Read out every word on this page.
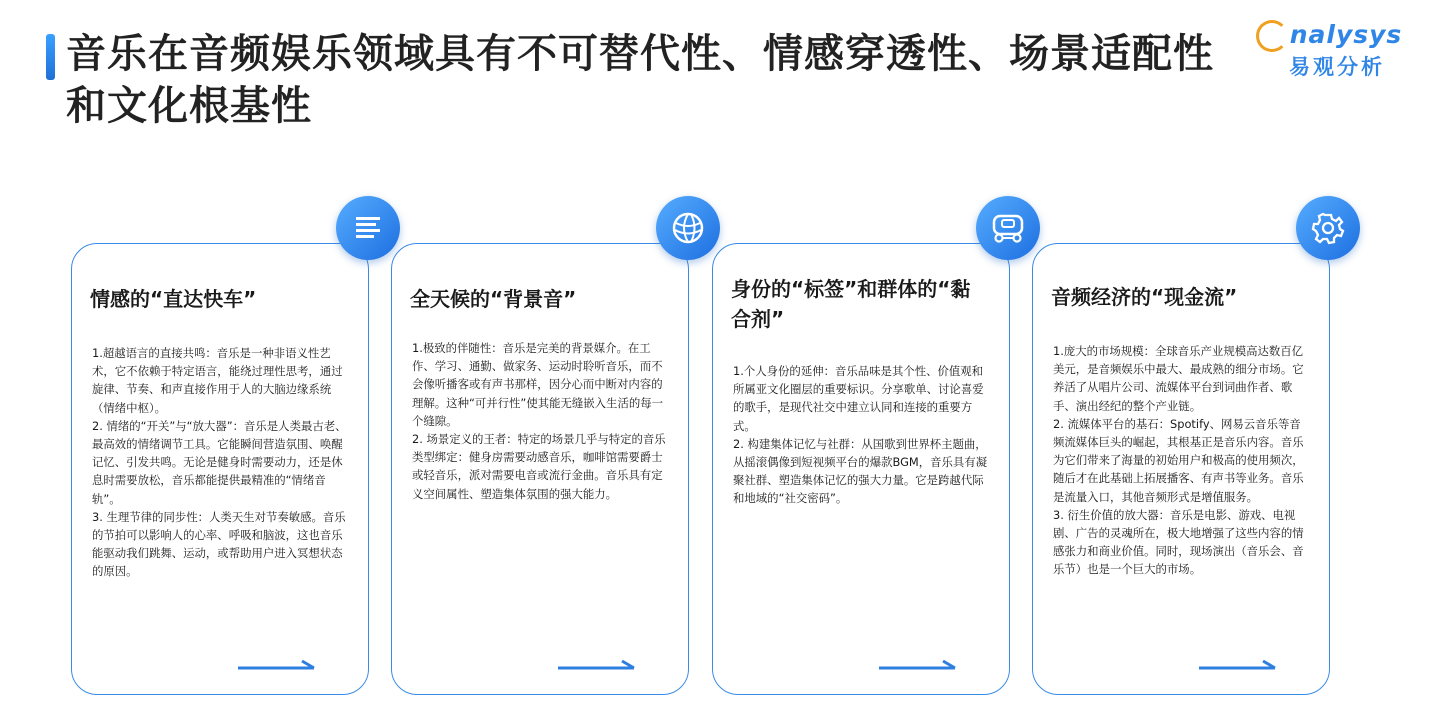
音乐在音频娱乐领域具有不可替代性、情感穿透性、场景适配性和文化根基性
nalysys
易观分析
情感的“直达快车”

1.超越语言的直接共鸣：音乐是一种非语义性艺术，它不依赖于特定语言，能绕过理性思考，通过旋律、节奏、和声直接作用于人的大脑边缘系统（情绪中枢）。

2. 情绪的“开关”与“放大器”：音乐是人类最古老、最高效的情绪调节工具。它能瞬间营造氛围、唤醒记忆、引发共鸣。无论是健身时需要动力，还是休息时需要放松，音乐都能提供最精准的“情绪音轨”。

3. 生理节律的同步性：人类天生对节奏敏感。音乐的节拍可以影响人的心率、呼吸和脑波，这也音乐能驱动我们跳舞、运动，或帮助用户进入冥想状态的原因。

全天候的“背景音”

1.极致的伴随性：音乐是完美的背景媒介。在工作、学习、通勤、做家务、运动时聆听音乐，而不会像听播客或有声书那样，因分心而中断对内容的理解。这种“可并行性”使其能无缝嵌入生活的每一个缝隙。

2. 场景定义的王者：特定的场景几乎与特定的音乐类型绑定：健身房需要动感音乐，咖啡馆需要爵士或轻音乐，派对需要电音或流行金曲。音乐具有定义空间属性、塑造集体氛围的强大能力。

身份的“标签”和群体的“黏合剂”

1.个人身份的延伸：音乐品味是其个性、价值观和所属亚文化圈层的重要标识。分享歌单、讨论喜爱的歌手，是现代社交中建立认同和连接的重要方式。

2. 构建集体记忆与社群：从国歌到世界杯主题曲，从摇滚偶像到短视频平台的爆款BGM，音乐具有凝聚社群、塑造集体记忆的强大力量。它是跨越代际和地域的“社交密码”。

音频经济的“现金流”

1.庞大的市场规模：全球音乐产业规模高达数百亿美元，是音频娱乐中最大、最成熟的细分市场。它养活了从唱片公司、流媒体平台到词曲作者、歌手、演出经纪的整个产业链。

2. 流媒体平台的基石：Spotify、网易云音乐等音频流媒体巨头的崛起，其根基正是音乐内容。音乐为它们带来了海量的初始用户和极高的使用频次，随后才在此基础上拓展播客、有声书等业务。音乐是流量入口，其他音频形式是增值服务。

3. 衍生价值的放大器：音乐是电影、游戏、电视剧、广告的灵魂所在，极大地增强了这些内容的情感张力和商业价值。同时，现场演出（音乐会、音乐节）也是一个巨大的市场。
